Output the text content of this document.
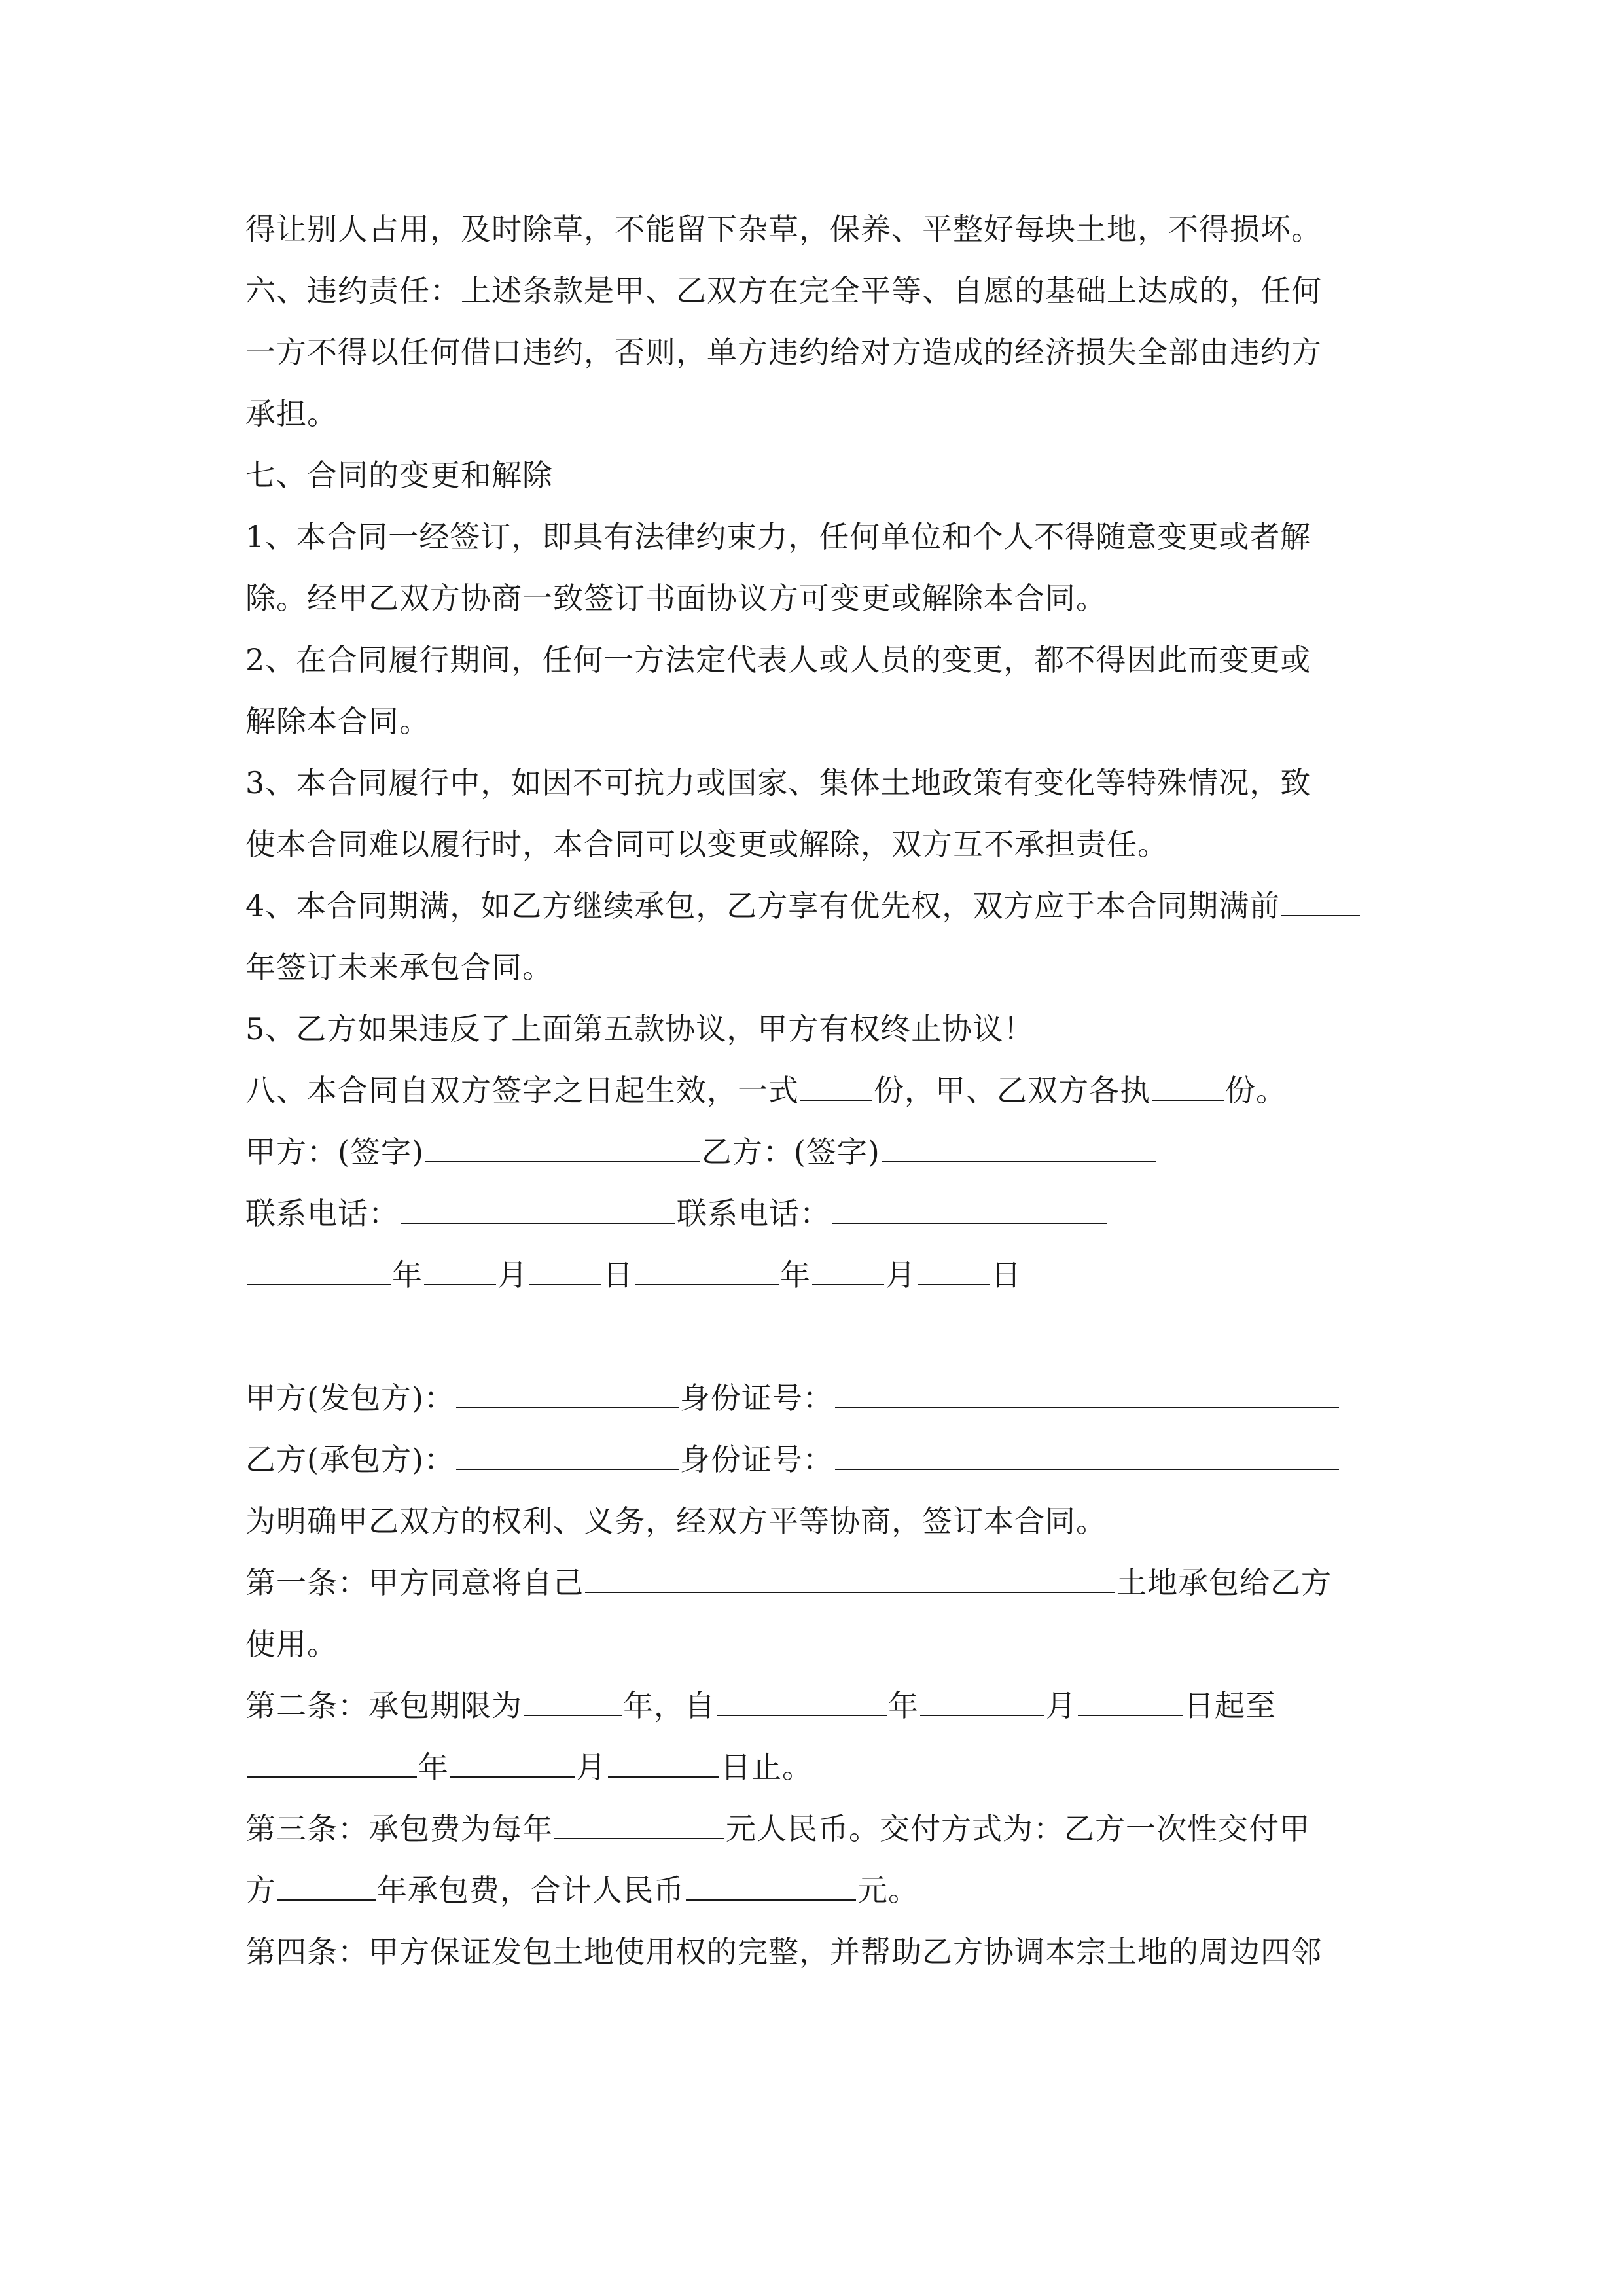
得让别人占用，及时除草，不能留下杂草，保养、平整好每块土地，不得损坏。
六、违约责任：上述条款是甲、乙双方在完全平等、自愿的基础上达成的，任何
一方不得以任何借口违约，否则，单方违约给对方造成的经济损失全部由违约方
承担。
七、合同的变更和解除
1、本合同一经签订，即具有法律约束力，任何单位和个人不得随意变更或者解
除。经甲乙双方协商一致签订书面协议方可变更或解除本合同。
2、在合同履行期间，任何一方法定代表人或人员的变更，都不得因此而变更或
解除本合同。
3、本合同履行中，如因不可抗力或国家、集体土地政策有变化等特殊情况，致
使本合同难以履行时，本合同可以变更或解除，双方互不承担责任。
4、本合同期满，如乙方继续承包，乙方享有优先权，双方应于本合同期满前
年签订未来承包合同。
5、乙方如果违反了上面第五款协议，甲方有权终止协议！
八、本合同自双方签字之日起生效，一式 份，甲、乙双方各执 份。
甲方：(签字)	乙方：(签字)
联系电话：	联系电话：
年 月 日	年 月 日
甲方(发包方)：	身份证号：
乙方(承包方)：	身份证号：
为明确甲乙双方的权利、义务，经双方平等协商，签订本合同。
第一条：甲方同意将自己	土地承包给乙方
使用。
第二条：承包期限为	年，自	年	月	日起至
年	月	日止。
第三条：承包费为每年	元人民币。交付方式为：乙方一次性交付甲
方	年承包费，合计人民币	元。
第四条：甲方保证发包土地使用权的完整，并帮助乙方协调本宗土地的周边四邻
